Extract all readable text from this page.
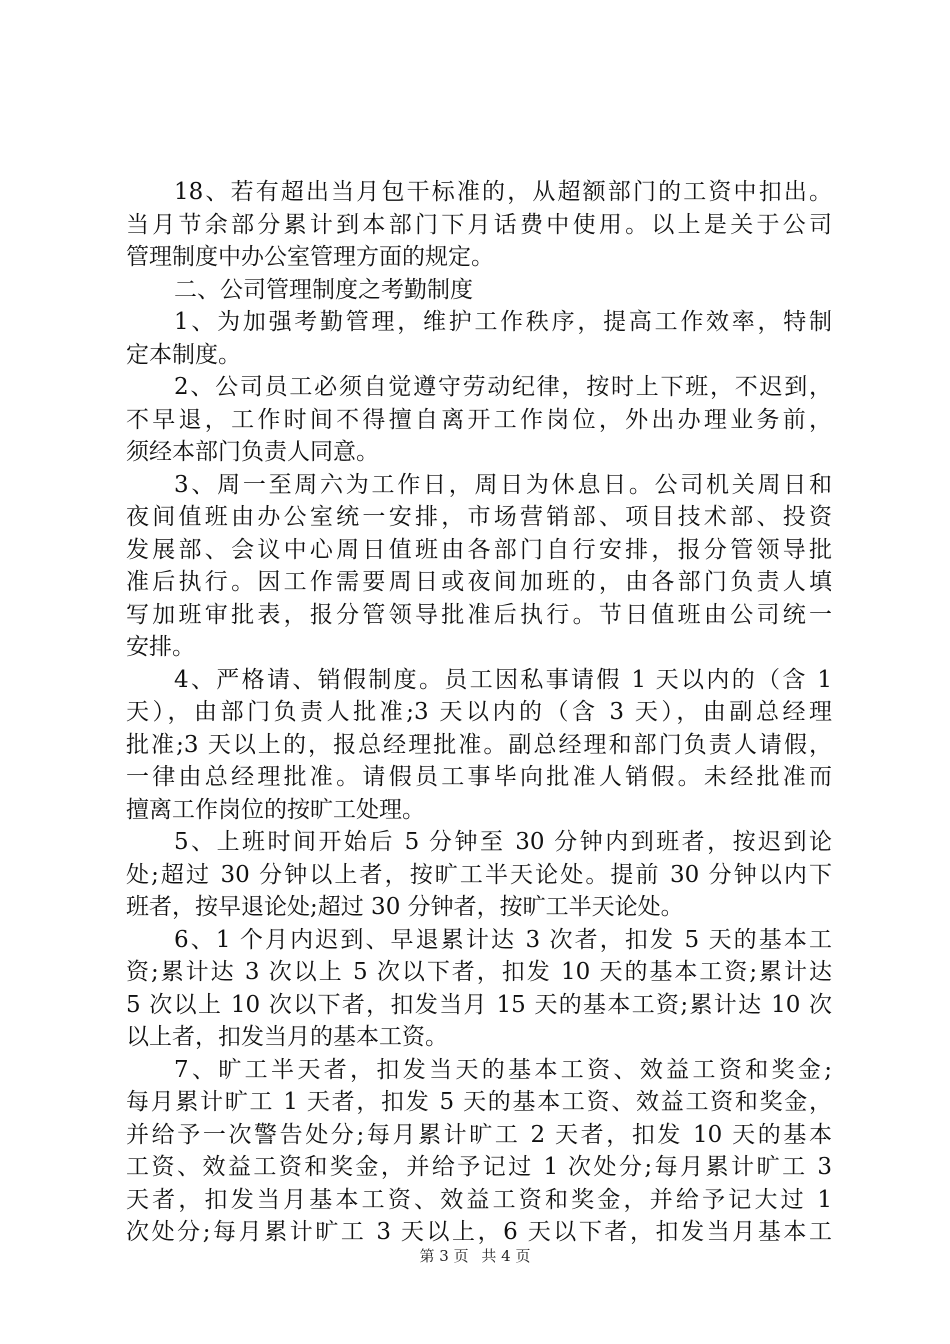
18、若有超出当月包干标准的，从超额部门的工资中扣出。
当月节余部分累计到本部门下月话费中使用。以上是关于公司
管理制度中办公室管理方面的规定。
二、公司管理制度之考勤制度
1、为加强考勤管理，维护工作秩序，提高工作效率，特制
定本制度。
2、公司员工必须自觉遵守劳动纪律，按时上下班，不迟到，
不早退，工作时间不得擅自离开工作岗位，外出办理业务前，
须经本部门负责人同意。
3、周一至周六为工作日，周日为休息日。公司机关周日和
夜间值班由办公室统一安排，市场营销部、项目技术部、投资
发展部、会议中心周日值班由各部门自行安排，报分管领导批
准后执行。因工作需要周日或夜间加班的，由各部门负责人填
写加班审批表，报分管领导批准后执行。节日值班由公司统一
安排。
4、严格请、销假制度。员工因私事请假 1 天以内的（含 1
天），由部门负责人批准;3 天以内的（含 3 天），由副总经理
批准;3 天以上的，报总经理批准。副总经理和部门负责人请假，
一律由总经理批准。请假员工事毕向批准人销假。未经批准而
擅离工作岗位的按旷工处理。
5、上班时间开始后 5 分钟至 30 分钟内到班者，按迟到论
处;超过 30 分钟以上者，按旷工半天论处。提前 30 分钟以内下
班者，按早退论处;超过 30 分钟者，按旷工半天论处。
6、1 个月内迟到、早退累计达 3 次者，扣发 5 天的基本工
资;累计达 3 次以上 5 次以下者，扣发 10 天的基本工资;累计达
5 次以上 10 次以下者，扣发当月 15 天的基本工资;累计达 10 次
以上者，扣发当月的基本工资。
7、旷工半天者，扣发当天的基本工资、效益工资和奖金;
每月累计旷工 1 天者，扣发 5 天的基本工资、效益工资和奖金，
并给予一次警告处分;每月累计旷工 2 天者，扣发 10 天的基本
工资、效益工资和奖金，并给予记过 1 次处分;每月累计旷工 3
天者，扣发当月基本工资、效益工资和奖金，并给予记大过 1
次处分;每月累计旷工 3 天以上，6 天以下者，扣发当月基本工
第 3 页 共 4 页
